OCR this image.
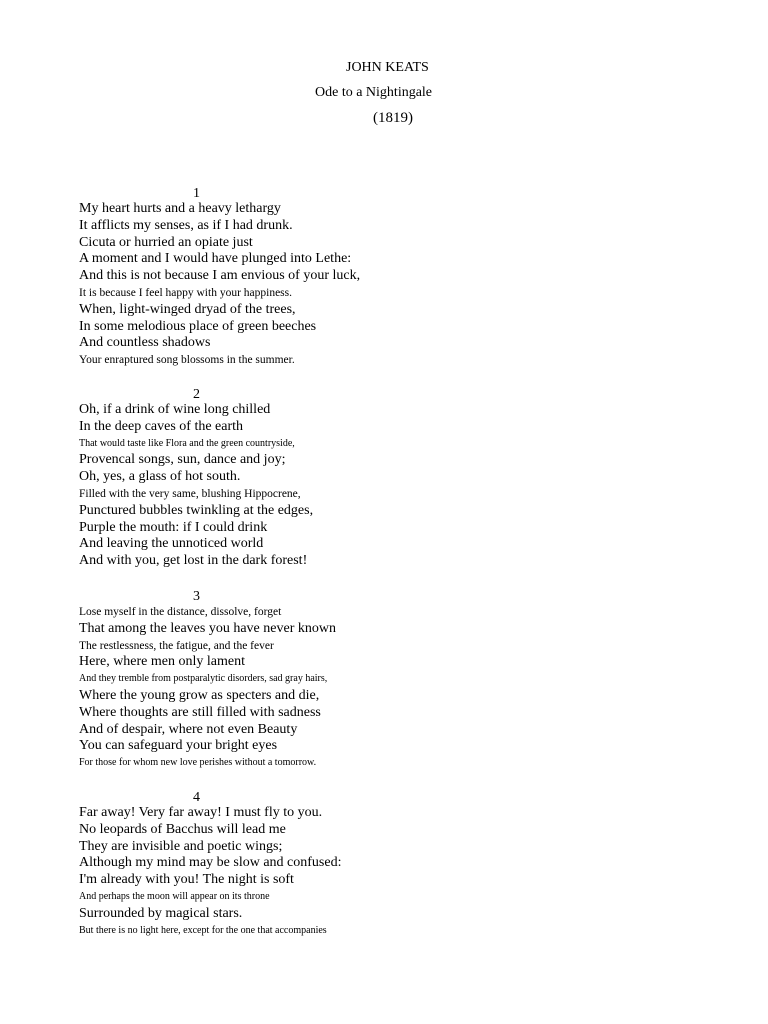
JOHN KEATS
Ode to a Nightingale
(1819)
1
My heart hurts and a heavy lethargy
It afflicts my senses, as if I had drunk.
Cicuta or hurried an opiate just
A moment and I would have plunged into Lethe:
And this is not because I am envious of your luck,
It is because I feel happy with your happiness.
When, light-winged dryad of the trees,
In some melodious place of green beeches
And countless shadows
Your enraptured song blossoms in the summer.
2
Oh, if a drink of wine long chilled
In the deep caves of the earth
That would taste like Flora and the green countryside,
Provencal songs, sun, dance and joy;
Oh, yes, a glass of hot south.
Filled with the very same, blushing Hippocrene,
Punctured bubbles twinkling at the edges,
Purple the mouth: if I could drink
And leaving the unnoticed world
And with you, get lost in the dark forest!
3
Lose myself in the distance, dissolve, forget
That among the leaves you have never known
The restlessness, the fatigue, and the fever
Here, where men only lament
And they tremble from postparalytic disorders, sad gray hairs,
Where the young grow as specters and die,
Where thoughts are still filled with sadness
And of despair, where not even Beauty
You can safeguard your bright eyes
For those for whom new love perishes without a tomorrow.
4
Far away! Very far away! I must fly to you.
No leopards of Bacchus will lead me
They are invisible and poetic wings;
Although my mind may be slow and confused:
I'm already with you! The night is soft
And perhaps the moon will appear on its throne
Surrounded by magical stars.
But there is no light here, except for the one that accompanies
